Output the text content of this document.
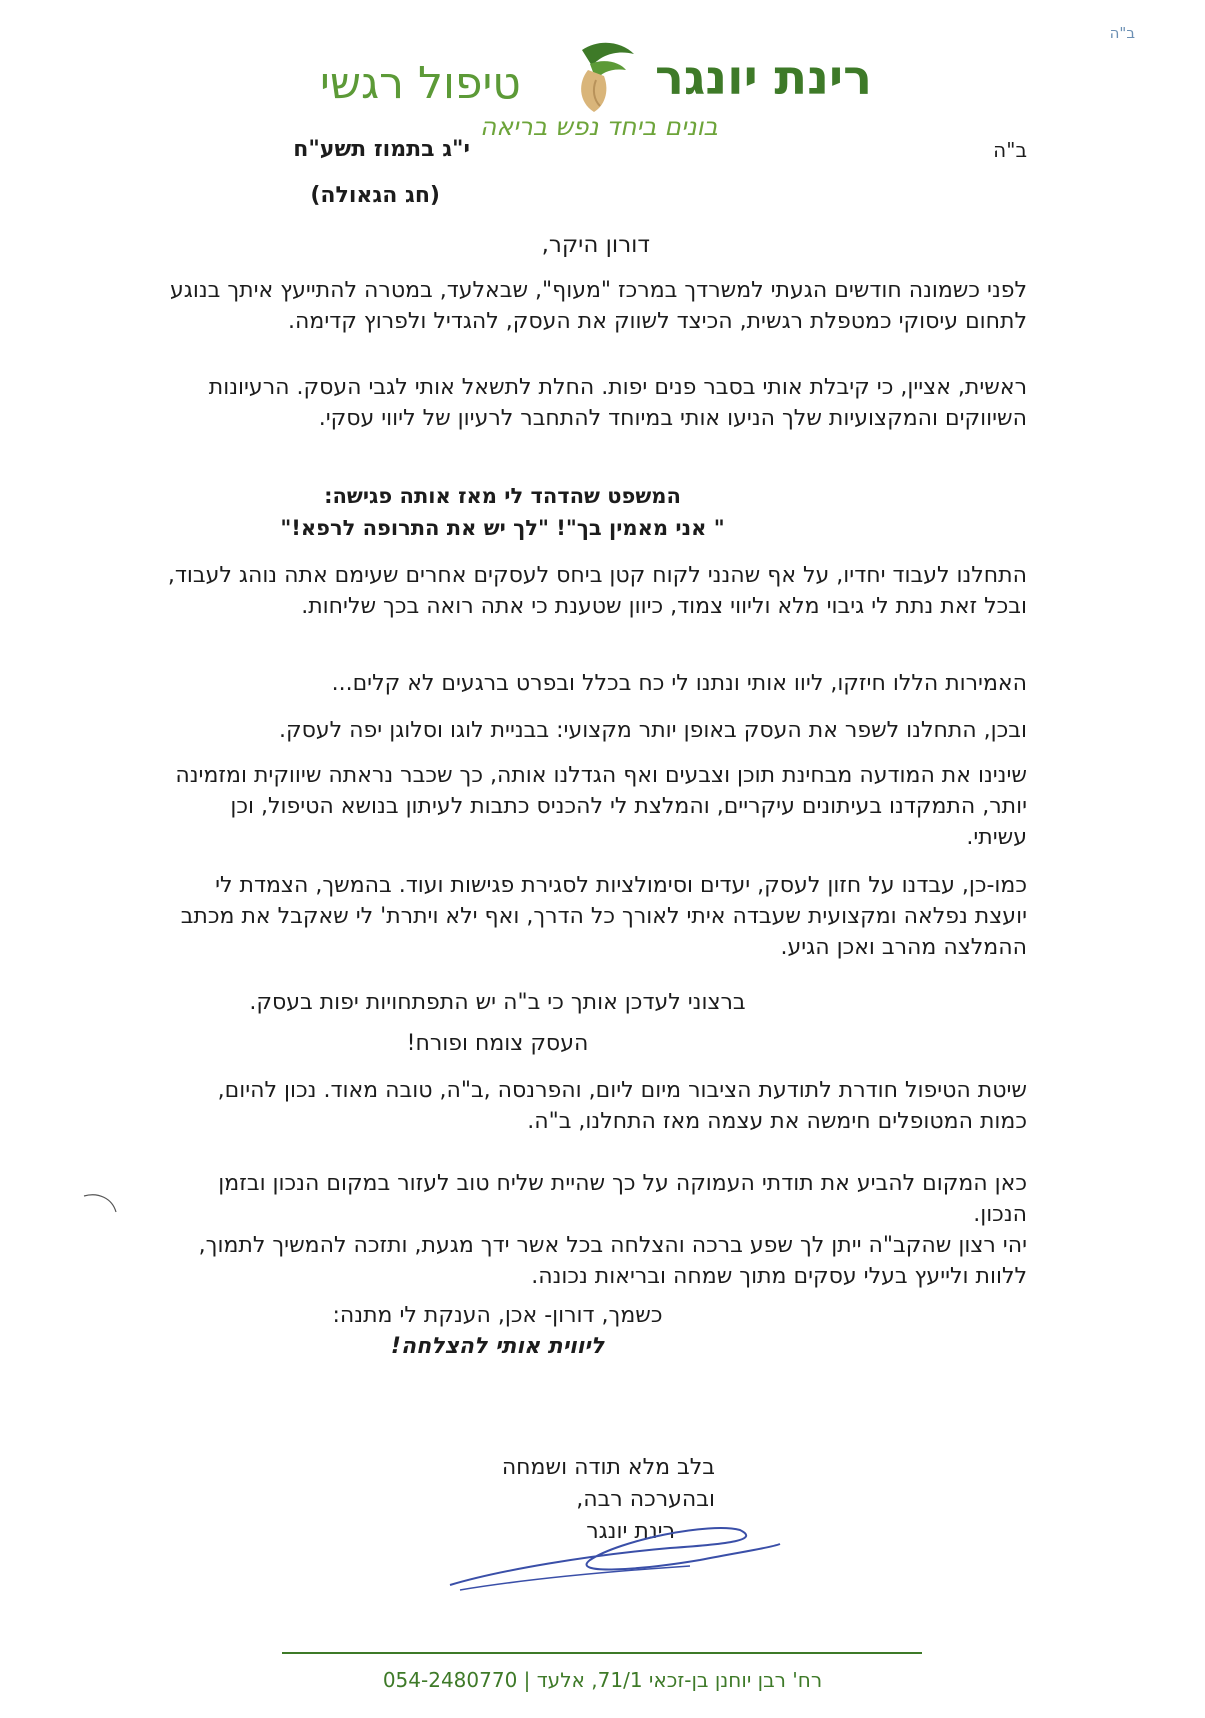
ב"ה
רינת יונגר
טיפול רגשי
בונים ביחד נפש בריאה
ב"ה
י"ג בתמוז תשע"ח
(חג הגאולה)
דורון היקר,
לפני כשמונה חודשים הגעתי למשרדך במרכז "מעוף", שבאלעד, במטרה להתייעץ איתך בנוגע לתחום עיסוקי כמטפלת רגשית, הכיצד לשווק את העסק, להגדיל ולפרוץ קדימה.
ראשית, אציין, כי קיבלת אותי בסבר פנים יפות. החלת לתשאל אותי לגבי העסק. הרעיונות השיווקים והמקצועיות שלך הניעו אותי במיוחד להתחבר לרעיון של ליווי עסקי.
המשפט שהדהד לי מאז אותה פגישה:
" אני מאמין בך"! "לך יש את התרופה לרפא!"
התחלנו לעבוד יחדיו, על אף שהנני לקוח קטן ביחס לעסקים אחרים שעימם אתה נוהג לעבוד, ובכל זאת נתת לי גיבוי מלא וליווי צמוד, כיוון שטענת כי אתה רואה בכך שליחות.
האמירות הללו חיזקו, ליוו אותי ונתנו לי כח בכלל ובפרט ברגעים לא קלים...
ובכן, התחלנו לשפר את העסק באופן יותר מקצועי: בבניית לוגו וסלוגן יפה לעסק.
שינינו את המודעה מבחינת תוכן וצבעים ואף הגדלנו אותה, כך שכבר נראתה שיווקית ומזמינה יותר, התמקדנו בעיתונים עיקריים, והמלצת לי להכניס כתבות לעיתון בנושא הטיפול, וכן עשיתי.
כמו-כן, עבדנו על חזון לעסק, יעדים וסימולציות לסגירת פגישות ועוד. בהמשך, הצמדת לי יועצת נפלאה ומקצועית שעבדה איתי לאורך כל הדרך, ואף ילא ויתרת' לי שאקבל את מכתב ההמלצה מהרב ואכן הגיע.
ברצוני לעדכן אותך כי ב"ה יש התפתחויות יפות בעסק.
העסק צומח ופורח!
שיטת הטיפול חודרת לתודעת הציבור מיום ליום, והפרנסה ,ב"ה, טובה מאוד. נכון להיום, כמות המטופלים חימשה את עצמה מאז התחלנו, ב"ה.
כאן המקום להביע את תודתי העמוקה על כך שהיית שליח טוב לעזור במקום הנכון ובזמן הנכון.
יהי רצון שהקב"ה ייתן לך שפע ברכה והצלחה בכל אשר ידך מגעת, ותזכה להמשיך לתמוך, ללוות ולייעץ בעלי עסקים מתוך שמחה ובריאות נכונה.
כשמך, דורון- אכן, הענקת לי מתנה:
ליווית אותי להצלחה!
בלב מלא תודה ושמחה
ובהערכה רבה,
רינת יונגר
רח' רבן יוחנן בן-זכאי 71/1, אלעד | 054-2480770
